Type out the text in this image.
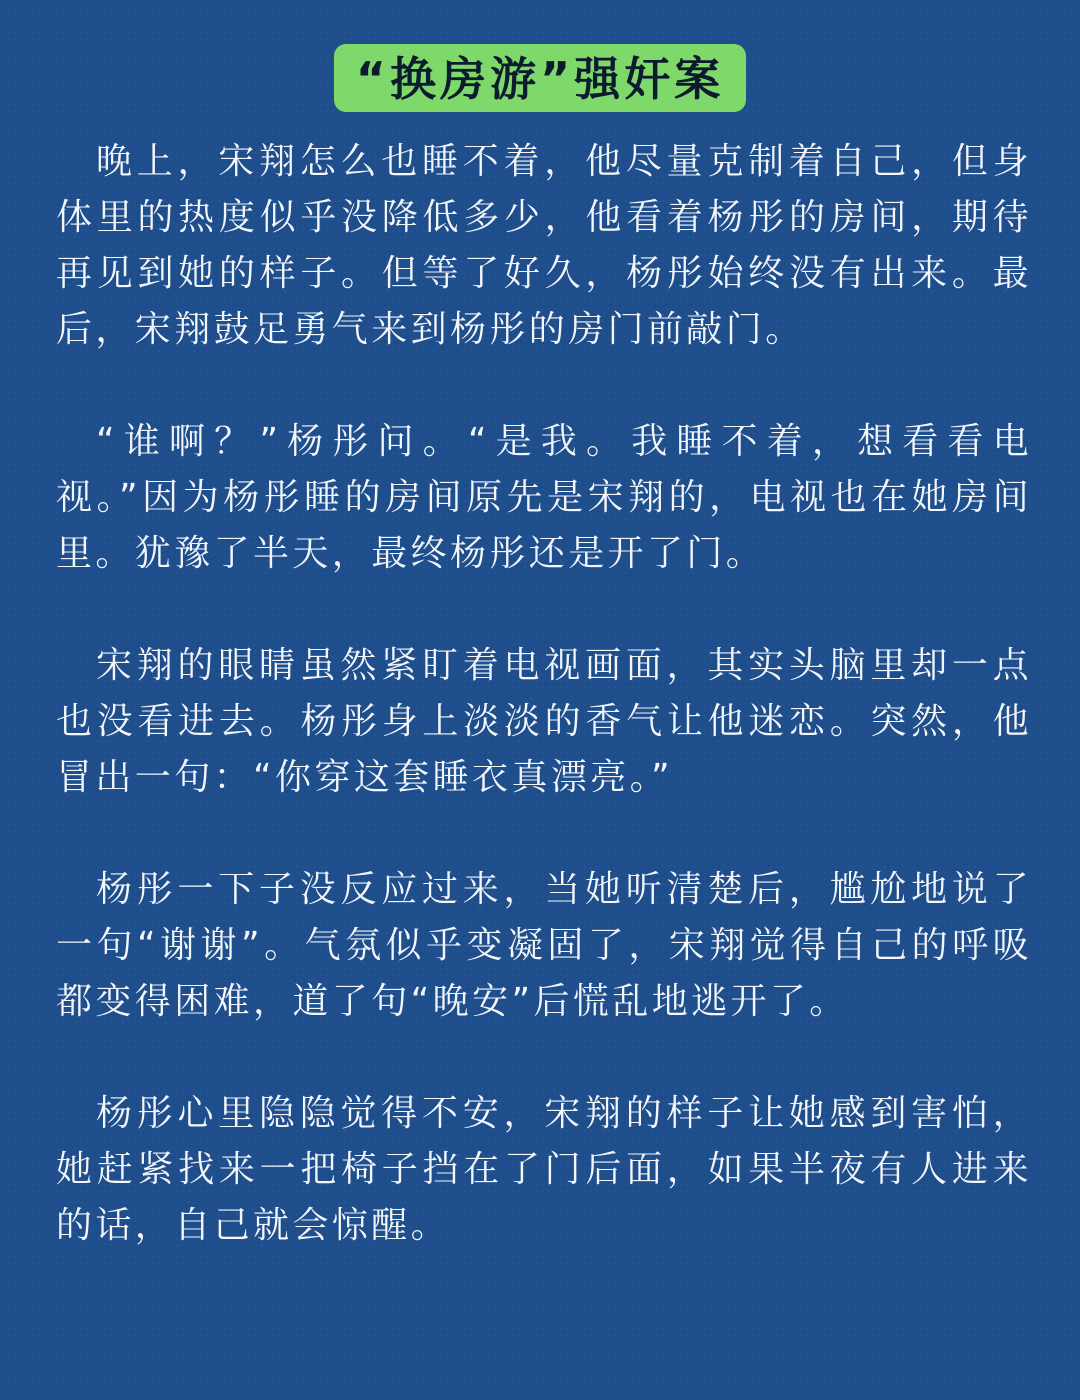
“换房游”强奸案

晚上，宋翔怎么也睡不着，他尽量克制着自己，但身体里的热度似乎没降低多少，他看着杨彤的房间，期待再见到她的样子。但等了好久，杨彤始终没有出来。最后，宋翔鼓足勇气来到杨彤的房门前敲门。

“谁啊？”杨彤问。“是我。我睡不着，想看看电视。”因为杨彤睡的房间原先是宋翔的，电视也在她房间里。犹豫了半天，最终杨彤还是开了门。

宋翔的眼睛虽然紧盯着电视画面，其实头脑里却一点也没看进去。杨彤身上淡淡的香气让他迷恋。突然，他冒出一句：“你穿这套睡衣真漂亮。”

杨彤一下子没反应过来，当她听清楚后，尴尬地说了一句“谢谢”。气氛似乎变凝固了，宋翔觉得自己的呼吸都变得困难，道了句“晚安”后慌乱地逃开了。

杨彤心里隐隐觉得不安，宋翔的样子让她感到害怕，她赶紧找来一把椅子挡在了门后面，如果半夜有人进来的话，自己就会惊醒。
